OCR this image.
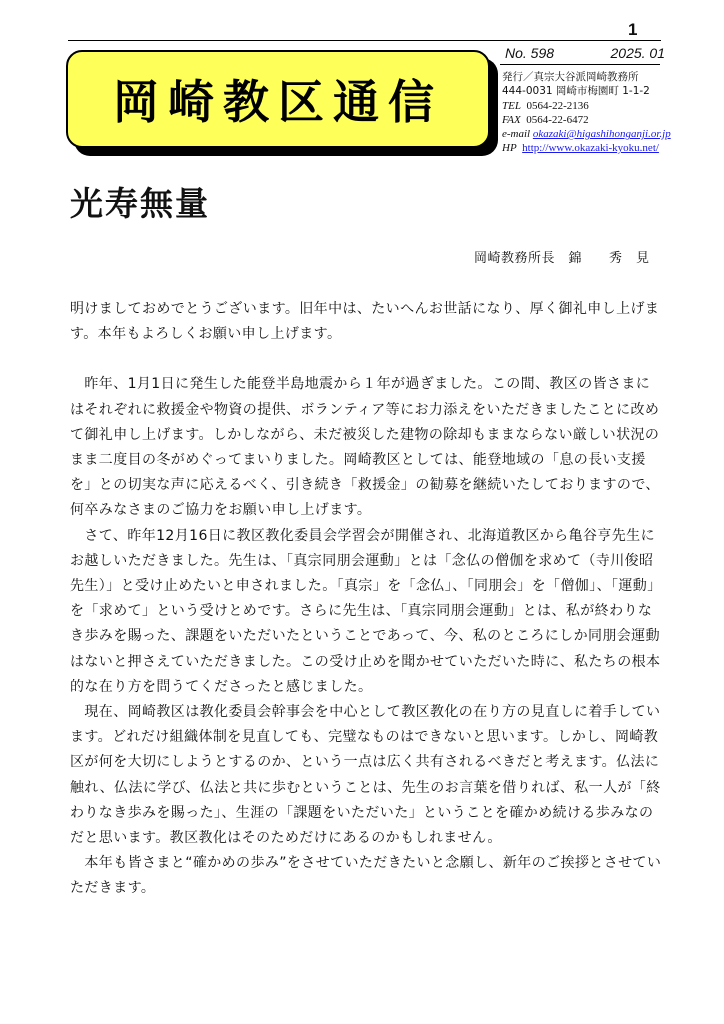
1
岡崎教区通信
No. 598	2025. 01
発行／真宗大谷派岡崎教務所
444-0031 岡崎市梅園町 1-1-2
TEL 0564-22-2136
FAX 0564-22-6472
e-mail okazaki@higashihonganji.or.jp
HP http://www.okazaki-kyoku.net/
光寿無量
岡崎教務所長　錦　　秀　見

明けましておめでとうございます。旧年中は、たいへんお世話になり、厚く御礼申し上げます。本年もよろしくお願い申し上げます。

　昨年、1月1日に発生した能登半島地震から１年が過ぎました。この間、教区の皆さまにはそれぞれに救援金や物資の提供、ボランティア等にお力添えをいただきましたことに改めて御礼申し上げます。しかしながら、未だ被災した建物の除却もままならない厳しい状況のまま二度目の冬がめぐってまいりました。岡崎教区としては、能登地域の「息の長い支援を」との切実な声に応えるべく、引き続き「救援金」の勧募を継続いたしておりますので、何卒みなさまのご協力をお願い申し上げます。

　さて、昨年12月16日に教区教化委員会学習会が開催され、北海道教区から亀谷亨先生にお越しいただきました。先生は、「真宗同朋会運動」とは「念仏の僧伽を求めて（寺川俊昭先生）」と受け止めたいと申されました。「真宗」を「念仏」、「同朋会」を「僧伽」、「運動」を「求めて」という受けとめです。さらに先生は、「真宗同朋会運動」とは、私が終わりなき歩みを賜った、課題をいただいたということであって、今、私のところにしか同朋会運動はないと押さえていただきました。この受け止めを聞かせていただいた時に、私たちの根本的な在り方を問うてくださったと感じました。

　現在、岡崎教区は教化委員会幹事会を中心として教区教化の在り方の見直しに着手しています。どれだけ組織体制を見直しても、完璧なものはできないと思います。しかし、岡崎教区が何を大切にしようとするのか、という一点は広く共有されるべきだと考えます。仏法に触れ、仏法に学び、仏法と共に歩むということは、先生のお言葉を借りれば、私一人が「終わりなき歩みを賜った」、生涯の「課題をいただいた」ということを確かめ続ける歩みなのだと思います。教区教化はそのためだけにあるのかもしれません。

　本年も皆さまと“確かめの歩み”をさせていただきたいと念願し、新年のご挨拶とさせていただきます。
